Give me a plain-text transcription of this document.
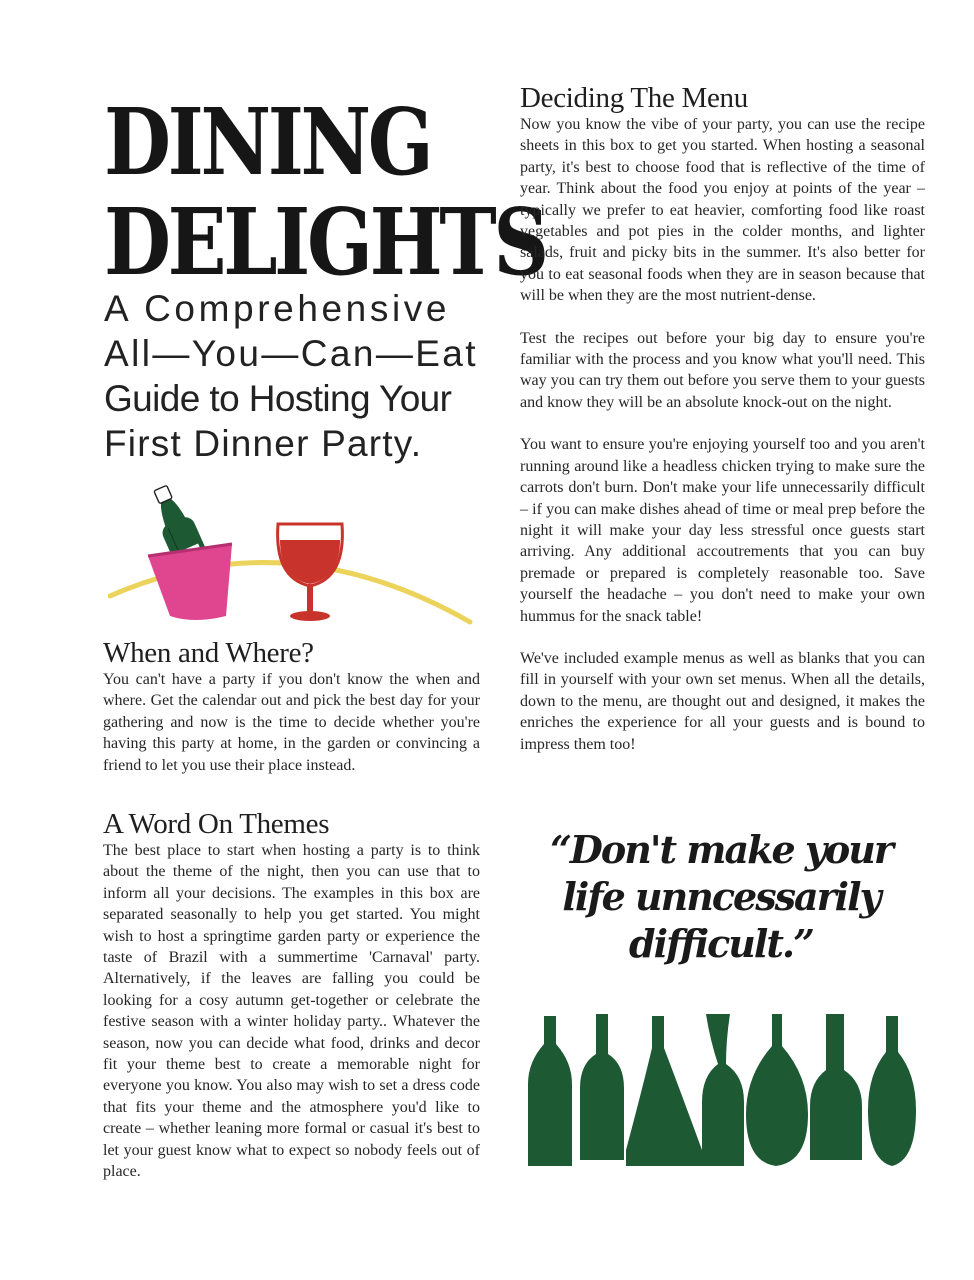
DINING
DELIGHTS
A Comprehensive
All—You—Can—Eat
Guide to Hosting Your
First Dinner Party.
When and Where?

You can't have a party if you don't know the when and where. Get the calendar out and pick the best day for your gathering and now is the time to decide whether you're having this party at home, in the garden or convincing a friend to let you use their place instead.

A Word On Themes

The best place to start when hosting a party is to think about the theme of the night, then you can use that to inform all your decisions. The examples in this box are separated seasonally to help you get started. You might wish to host a springtime garden party or experience the taste of Brazil with a summertime 'Carnaval' party. Alternatively, if the leaves are falling you could be looking for a cosy autumn get-together or celebrate the festive season with a winter holiday party.. Whatever the season, now you can decide what food, drinks and decor fit your theme best to create a memorable night for everyone you know. You also may wish to set a dress code that fits your theme and the atmosphere you'd like to create – whether leaning more formal or casual it's best to let your guest know what to expect so nobody feels out of place.

Deciding The Menu

Now you know the vibe of your party, you can use the recipe sheets in this box to get you started. When hosting a seasonal party, it's best to choose food that is reflective of the time of year. Think about the food you enjoy at points of the year – typically we prefer to eat heavier, comforting food like roast vegetables and pot pies in the colder months, and lighter salads, fruit and picky bits in the summer. It's also better for you to eat seasonal foods when they are in season because that will be when they are the most nutrient-dense.

Test the recipes out before your big day to ensure you're familiar with the process and you know what you'll need. This way you can try them out before you serve them to your guests and know they will be an absolute knock-out on the night.

You want to ensure you're enjoying yourself too and you aren't running around like a headless chicken trying to make sure the carrots don't burn. Don't make your life unnecessarily difficult – if you can make dishes ahead of time or meal prep before the night it will make your day less stressful once guests start arriving. Any additional accoutrements that you can buy premade or prepared is completely reasonable too. Save yourself the headache – you don't need to make your own hummus for the snack table!

We've included example menus as well as blanks that you can fill in yourself with your own set menus. When all the details, down to the menu, are thought out and designed, it makes the enriches the experience for all your guests and is bound to impress them too!

“Don't make your
life unncessarily
difficult.”
